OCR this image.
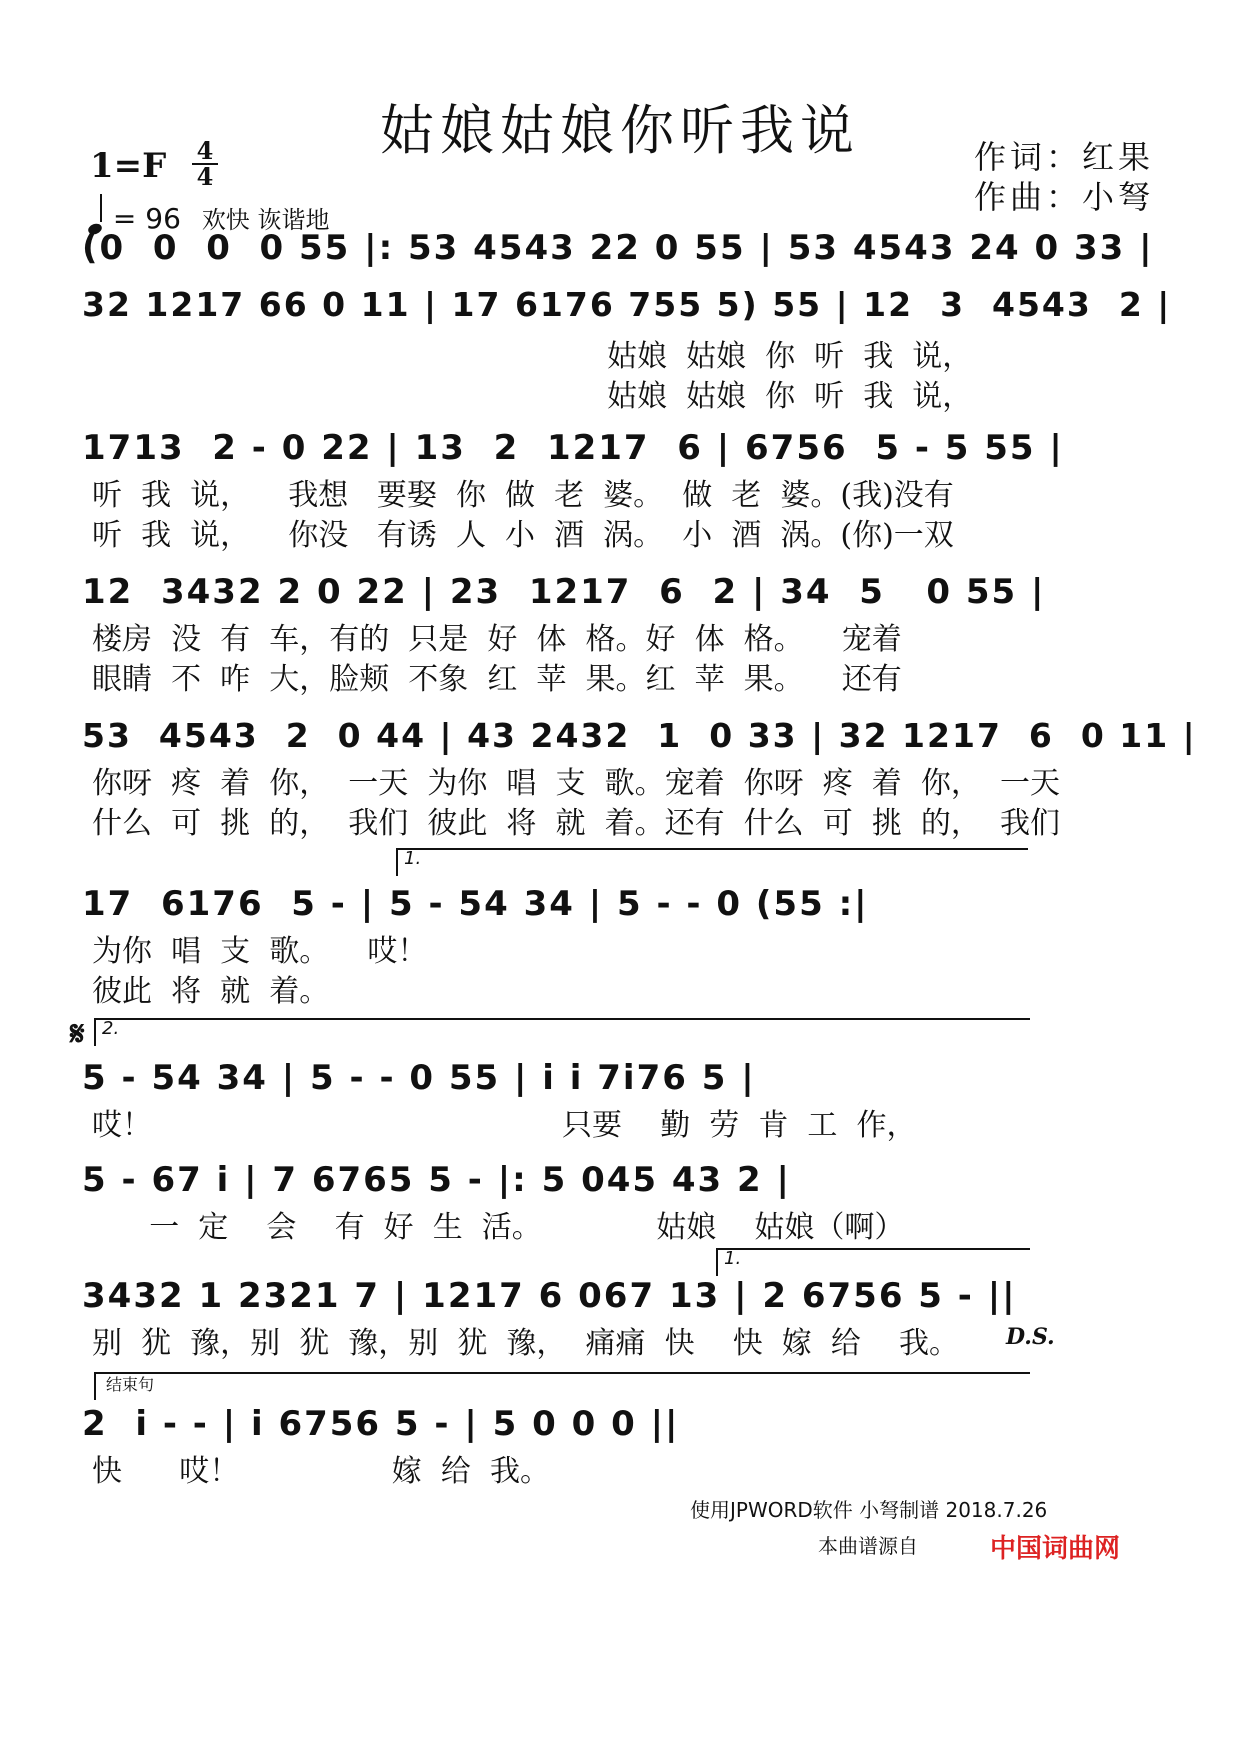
姑娘姑娘你听我说
1=F 4
4
= 96 欢快 诙谐地
作词：红果
作曲：小弩
(0  0  0  0 55 |: 53 4543 22 0 55 | 53 4543 24 0 33 |
32 1217 66 0 11 | 17 6176 755 5) 55 | 12  3  4543  2 |
姑娘  姑娘  你  听  我  说，
姑娘  姑娘  你  听  我  说，
1713  2 - 0 22 | 13  2  1217  6 | 6756  5 - 5 55 |
听  我  说，    我想   要娶  你  做  老  婆。  做  老  婆。(我)没有
听  我  说，    你没   有诱  人  小  酒  涡。  小  酒  涡。(你)一双
12  3432 2 0 22 | 23  1217  6  2 | 34  5   0 55 |
楼房  没  有  车，有的  只是  好  体  格。好  体  格。    宠着
眼睛  不  咋  大，脸颊  不象  红  苹  果。红  苹  果。    还有
53  4543  2  0 44 | 43 2432  1  0 33 | 32 1217  6  0 11 |
你呀  疼  着  你，  一天  为你  唱  支  歌。宠着  你呀  疼  着  你，  一天
什么  可  挑  的，  我们  彼此  将  就  着。还有  什么  可  挑  的，  我们
17  6176  5 - | 5 - 54 34 | 5 - - 0 (55 :|
为你  唱  支  歌。    哎！
彼此  将  就  着。
5 - 54 34 | 5 - - 0 55 | i i 7i76 5 |
哎！                                           只要    勤  劳  肯  工  作，
5 - 67 i | 7 6765 5 - |: 5 045 43 2 |
一  定    会    有  好  生  活。            姑娘    姑娘（啊）
3432 1 2321 7 | 1217 6 067 13 | 2 6756 5 - ||
别  犹  豫，别  犹  豫，别  犹  豫，  痛痛  快    快  嫁  给    我。
2  i - - | i 6756 5 - | 5 0 0 0 ||
快      哎！                嫁  给  我。
1.
2.
𝄋
1.
D.S.
结束句
使用JPWORD软件 小弩制谱 2018.7.26
本曲谱源自	中国词曲网
